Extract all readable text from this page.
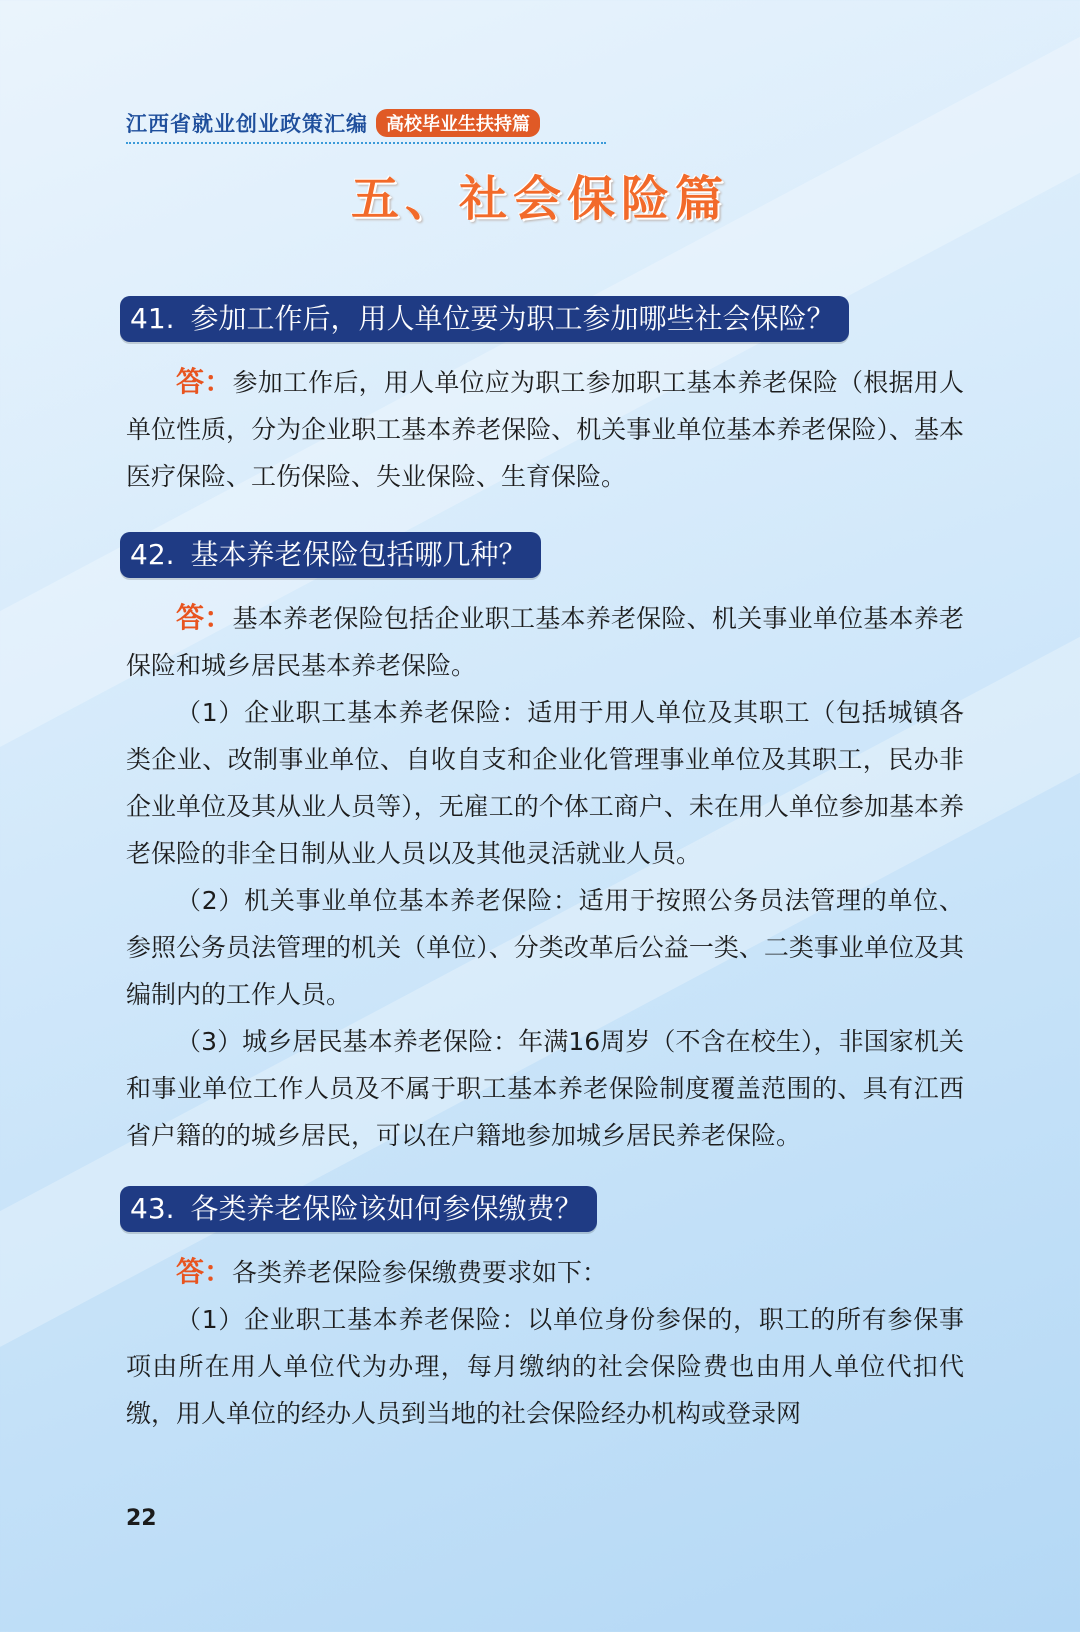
江西省就业创业政策汇编	高校毕业生扶持篇
五、社会保险篇
41. 参加工作后，用人单位要为职工参加哪些社会保险？

答：参加工作后，用人单位应为职工参加职工基本养老保险（根据用人单位性质，分为企业职工基本养老保险、机关事业单位基本养老保险）、基本医疗保险、工伤保险、失业保险、生育保险。

42. 基本养老保险包括哪几种？

答：基本养老保险包括企业职工基本养老保险、机关事业单位基本养老保险和城乡居民基本养老保险。

（1）企业职工基本养老保险：适用于用人单位及其职工（包括城镇各类企业、改制事业单位、自收自支和企业化管理事业单位及其职工，民办非企业单位及其从业人员等），无雇工的个体工商户、未在用人单位参加基本养老保险的非全日制从业人员以及其他灵活就业人员。

（2）机关事业单位基本养老保险：适用于按照公务员法管理的单位、参照公务员法管理的机关（单位）、分类改革后公益一类、二类事业单位及其编制内的工作人员。

（3）城乡居民基本养老保险：年满16周岁（不含在校生），非国家机关和事业单位工作人员及不属于职工基本养老保险制度覆盖范围的、具有江西省户籍的的城乡居民，可以在户籍地参加城乡居民养老保险。

43. 各类养老保险该如何参保缴费？

答：各类养老保险参保缴费要求如下：

（1）企业职工基本养老保险：以单位身份参保的，职工的所有参保事项由所在用人单位代为办理，每月缴纳的社会保险费也由用人单位代扣代缴，用人单位的经办人员到当地的社会保险经办机构或登录网

22
